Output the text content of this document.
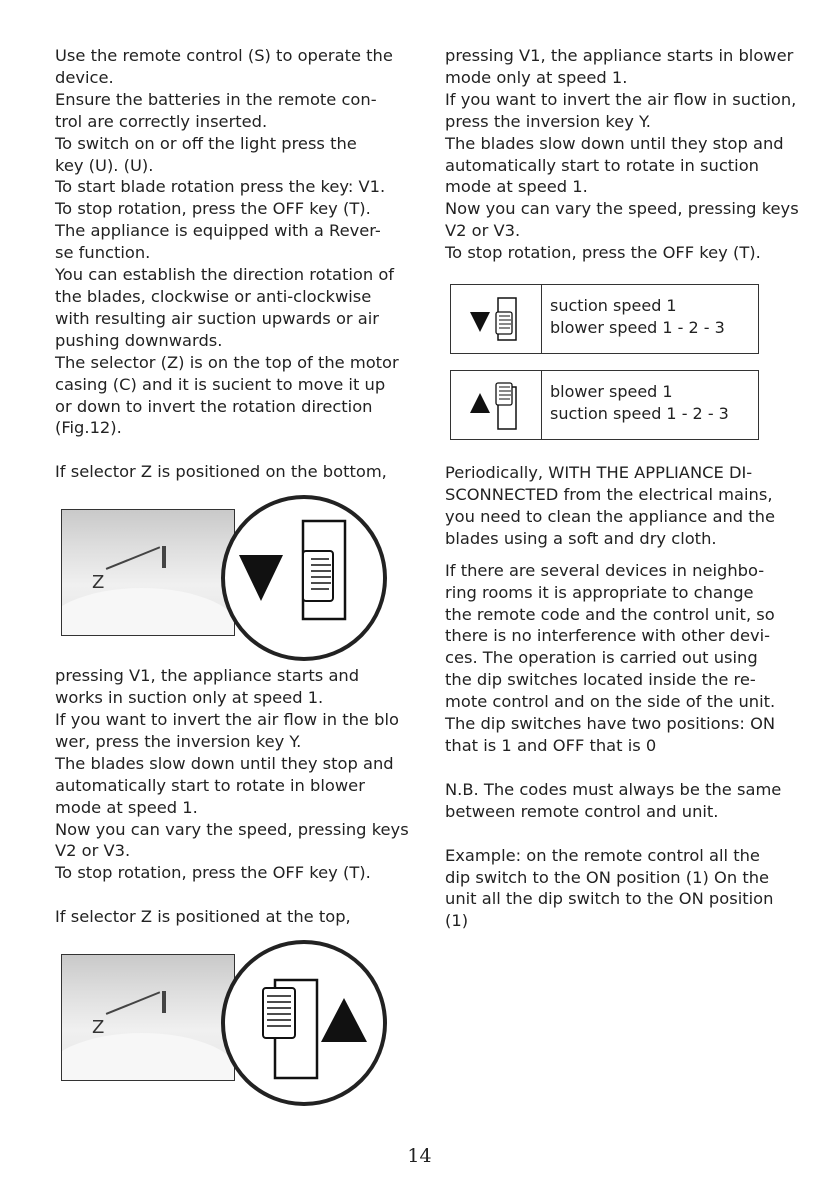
Use the remote control (S) to operate the

device.

Ensure the batteries in the remote con-

trol are correctly inserted.

To switch on or off the light press the

key (U). (U).

To start blade rotation press the key: V1.

To stop rotation, press the OFF key (T).

The appliance is equipped with a Rever-

se function.

You can establish the direction rotation of

the blades, clockwise or anti-clockwise

with resulting air suction upwards or air

pushing downwards.

The selector (Z) is on the top of the motor

casing (C) and it is sucient to move it up

or down to invert the rotation direction

(Fig.12).

If selector Z is positioned on the bottom,

Z

pressing V1, the appliance starts and

works in suction only at speed 1.

If you want to invert the air flow in the blo

wer, press the inversion key Y.

The blades slow down until they stop and

automatically start to rotate in blower

mode at speed 1.

Now you can vary the speed, pressing keys

V2 or V3.

To stop rotation, press the OFF key (T).

If selector Z is positioned at the top,

Z

pressing V1, the appliance starts in blower

mode only at speed 1.

If you want to invert the air flow in suction,

press the inversion key Y.

The blades slow down until they stop and

automatically start to rotate in suction

mode at speed 1.

Now you can vary the speed, pressing keys

V2 or V3.

To stop rotation, press the OFF key (T).

suction speed 1

blower speed 1 - 2 - 3

blower speed 1

suction speed 1 - 2 - 3

Periodically, WITH THE APPLIANCE DI-

SCONNECTED from the electrical mains,

you need to clean the appliance and the

blades using a soft and dry cloth.

If there are several devices in neighbo-

ring rooms it is appropriate to change

the remote code and the control unit, so

there is no interference with other devi-

ces. The operation is carried out using

the dip switches located inside the re-

mote control and on the side of the unit.

The dip switches have two positions: ON

that is 1 and OFF that is 0

N.B. The codes must always be the same

between remote control and unit.

Example: on the remote control all the

dip switch to the ON position (1) On the

unit all the dip switch to the ON position

(1)

14
